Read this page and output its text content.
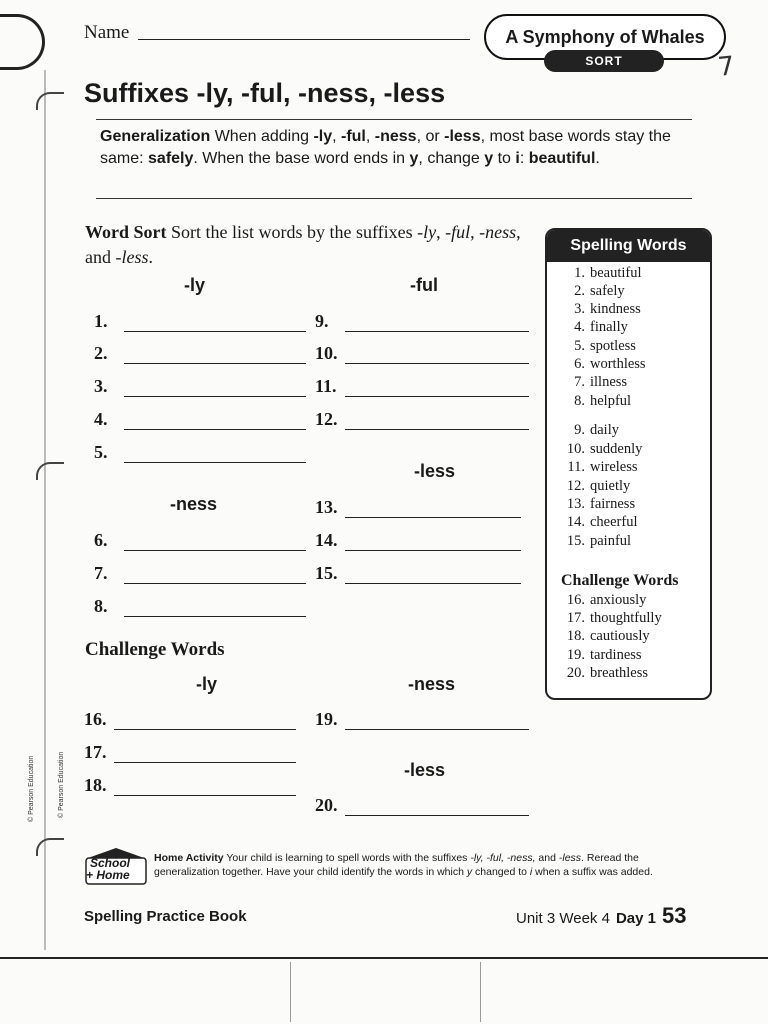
Name	A Symphony of Whales
SORT	7
Suffixes -ly, -ful, -ness, -less
Generalization When adding -ly, -ful, -ness, or -less, most base words stay the same: safely. When the base word ends in y, change y to i: beautiful.
Word Sort Sort the list words by the suffixes -ly, -ful, -ness, and -less.
-ly	-ful
-less
-ness
1.
2.
3.
4.
5.
6.
7.
8.
9.
10.
11.
12.
13.
14.
15.
Challenge Words
-ly	-ness
-less
16.
17.
18.
19.
20.
Spelling Words
1. beautiful
2. safely
3. kindness
4. finally
5. spotless
6. worthless
7. illness
8. helpful
9. daily
10. suddenly
11. wireless
12. quietly
13. fairness
14. cheerful
15. painful
Challenge Words
16. anxiously
17. thoughtfully
18. cautiously
19. tardiness
20. breathless
© Pearson Education	© Pearson Education
School
+ Home
Home Activity Your child is learning to spell words with the suffixes -ly, -ful, -ness, and -less. Reread the generalization together. Have your child identify the words in which y changed to i when a suffix was added.
Spelling Practice Book	Unit 3 Week 4 Day 1 53
